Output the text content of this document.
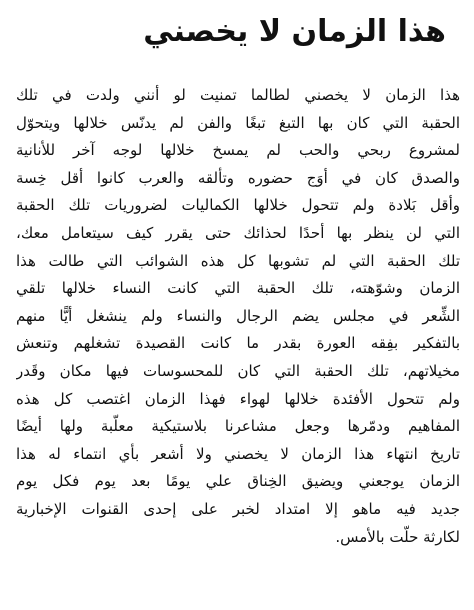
هذا الزمان لا يخصني
هذا الزمان لا يخصني لطالما تمنيت لو أنني ولدت في تلك
الحقبة التي كان بها التبغ تبغًا والفن لم يدنّس خلالها ويتحوّل
لمشروع ربحي والحب لم يمسخ خلالها لوجه آخر للأنانية
والصدق كان في أوَج حضوره وتألقه والعرب كانوا أقل خِسة
وأقل بَلادة ولم تتحول خلالها الكماليات لضروريات تلك الحقبة
التي لن ينظر بها أحدًا لحذائك حتى يقرر كيف سيتعامل معك،
تلك الحقبة التي لم تشوبها كل هذه الشوائب التي طالت هذا
الزمان وشوّهته، تلك الحقبة التي كانت النساء خلالها تلقي
الشِّعر في مجلس يضم الرجال والنساء ولم ينشغل أيًّا منهم
بالتفكير بفِقه العورة بقدر ما كانت القصيدة تشغلهم وتنعش
مخيلاتهم، تلك الحقبة التي كان للمحسوسات فيها مكان وقَدر
ولم تتحول الأفئدة خلالها لهواء فهذا الزمان اغتصب كل هذه
المفاهيم ودمّرها وجعل مشاعرنا بلاستيكية معلّبة ولها أيضًا
تاريخ انتهاء هذا الزمان لا يخصني ولا أشعر بأي انتماء له هذا
الزمان يوجعني ويضيق الخِناق علي يومًا بعد يوم فكل يوم
جديد فيه ماهو إلا امتداد لخبر على إحدى القنوات الإخبارية
لكارثة حلّت بالأمس.
